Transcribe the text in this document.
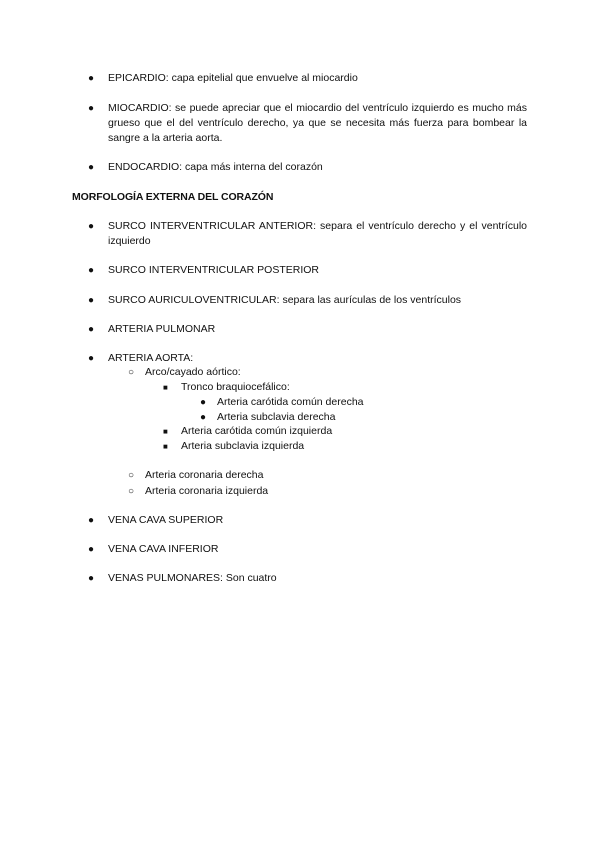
● EPICARDIO: capa epitelial que envuelve al miocardio
● MIOCARDIO: se puede apreciar que el miocardio del ventrículo izquierdo es mucho más grueso que el del ventrículo derecho, ya que se necesita más fuerza para bombear la sangre a la arteria aorta.
● ENDOCARDIO: capa más interna del corazón
MORFOLOGÍA EXTERNA DEL CORAZÓN
● SURCO INTERVENTRICULAR ANTERIOR: separa el ventrículo derecho y el ventrículo izquierdo
● SURCO INTERVENTRICULAR POSTERIOR
● SURCO AURICULOVENTRICULAR: separa las aurículas de los ventrículos
● ARTERIA PULMONAR
● ARTERIA AORTA:
○ Arco/cayado aórtico:
■ Tronco braquiocefálico:
● Arteria carótida común derecha
● Arteria subclavia derecha
■ Arteria carótida común izquierda
■ Arteria subclavia izquierda
○ Arteria coronaria derecha
○ Arteria coronaria izquierda
● VENA CAVA SUPERIOR
● VENA CAVA INFERIOR
● VENAS PULMONARES: Son cuatro
